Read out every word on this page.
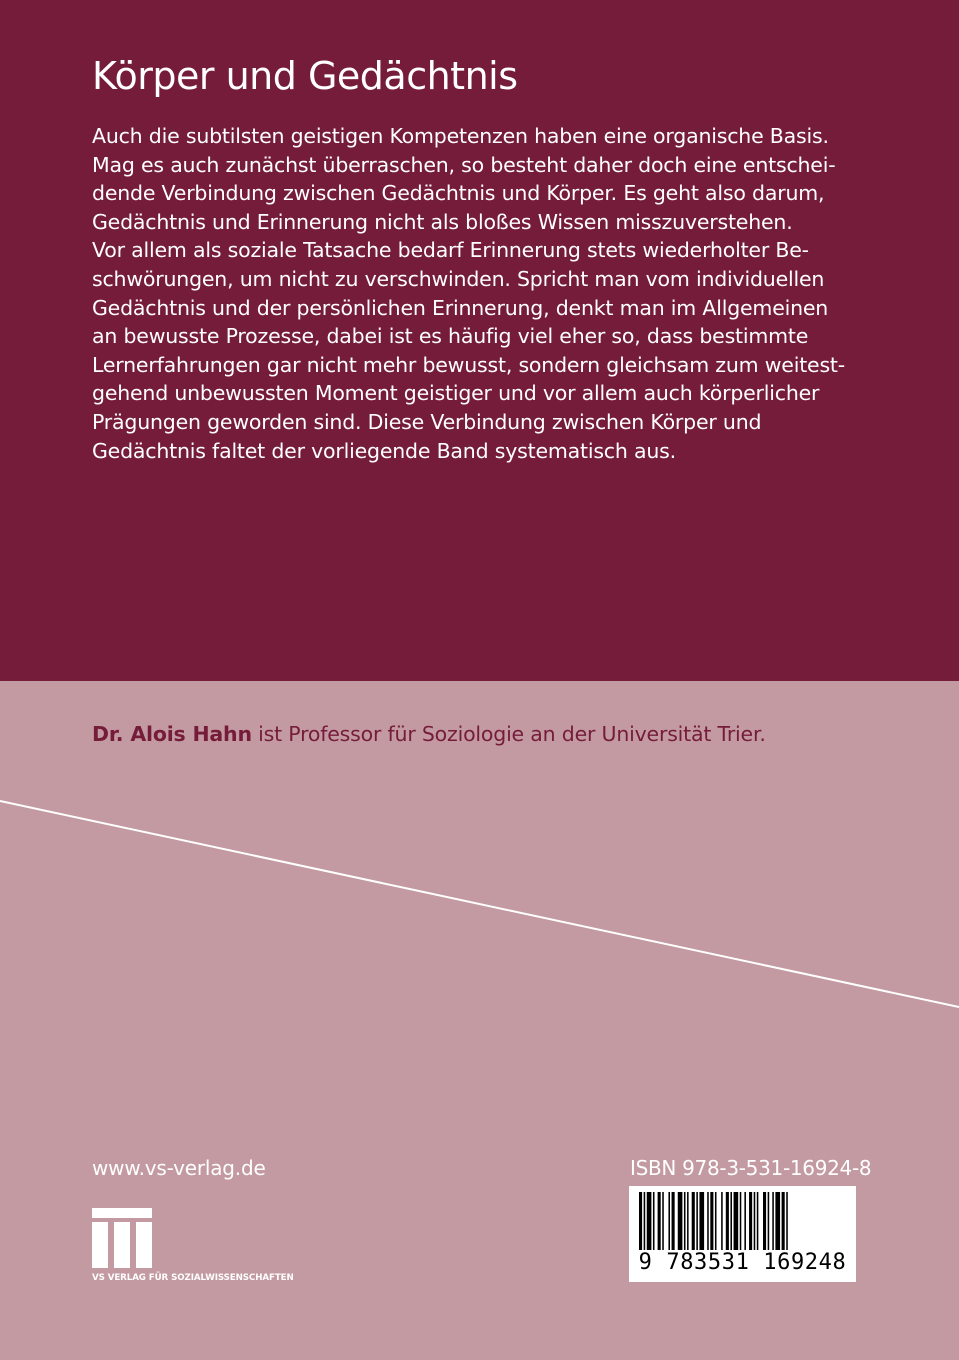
Körper und Gedächtnis
Auch die subtilsten geistigen Kompetenzen haben eine organische Basis.
Mag es auch zunächst überraschen, so besteht daher doch eine entschei-
dende Verbindung zwischen Gedächtnis und Körper. Es geht also darum,
Gedächtnis und Erinnerung nicht als bloßes Wissen misszuverstehen.
Vor allem als soziale Tatsache bedarf Erinnerung stets wiederholter Be-
schwörungen, um nicht zu verschwinden. Spricht man vom individuellen
Gedächtnis und der persönlichen Erinnerung, denkt man im Allgemeinen
an bewusste Prozesse, dabei ist es häufig viel eher so, dass bestimmte
Lernerfahrungen gar nicht mehr bewusst, sondern gleichsam zum weitest-
gehend unbewussten Moment geistiger und vor allem auch körperlicher
Prägungen geworden sind. Diese Verbindung zwischen Körper und
Gedächtnis faltet der vorliegende Band systematisch aus.
Dr. Alois Hahn ist Professor für Soziologie an der Universität Trier.
www.vs-verlag.de
VS VERLAG FÜR SOZIALWISSENSCHAFTEN
ISBN 978-3-531-16924-8
9 783531 169248
